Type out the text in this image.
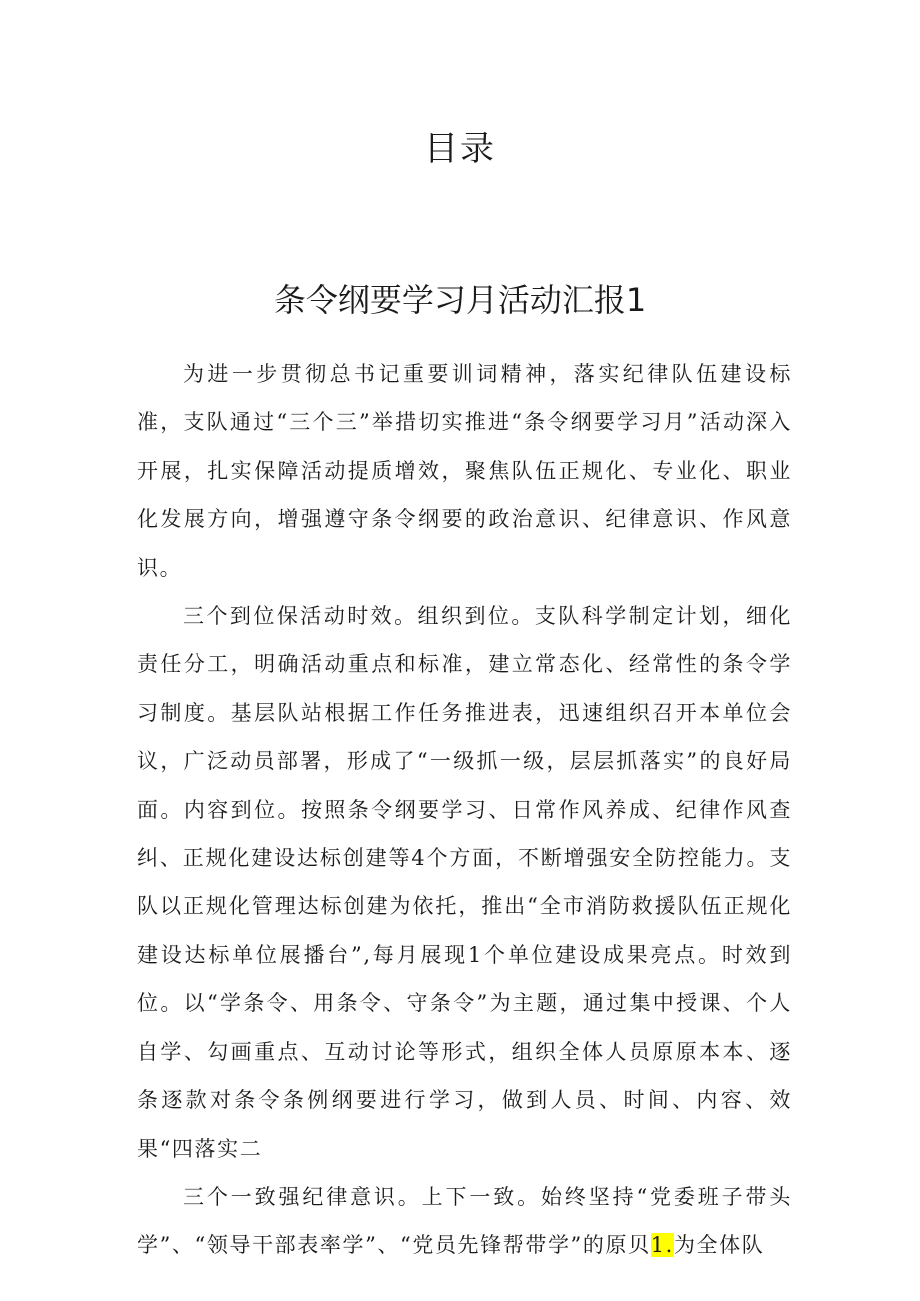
目录
条令纲要学习月活动汇报1

为进一步贯彻总书记重要训词精神，落实纪律队伍建设标准，支队通过“三个三”举措切实推进“条令纲要学习月”活动深入开展，扎实保障活动提质增效，聚焦队伍正规化、专业化、职业化发展方向，增强遵守条令纲要的政治意识、纪律意识、作风意识。

三个到位保活动时效。组织到位。支队科学制定计划，细化责任分工，明确活动重点和标准，建立常态化、经常性的条令学习制度。基层队站根据工作任务推进表，迅速组织召开本单位会议，广泛动员部署，形成了“一级抓一级，层层抓落实”的良好局面。内容到位。按照条令纲要学习、日常作风养成、纪律作风查纠、正规化建设达标创建等4个方面，不断增强安全防控能力。支队以正规化管理达标创建为依托，推出“全市消防救援队伍正规化建设达标单位展播台”,每月展现1个单位建设成果亮点。时效到位。以“学条令、用条令、守条令”为主题，通过集中授课、个人自学、勾画重点、互动讨论等形式，组织全体人员原原本本、逐条逐款对条令条例纲要进行学习，做到人员、时间、内容、效果“四落实二

三个一致强纪律意识。上下一致。始终坚持“党委班子带头学”、“领导干部表率学”、“党员先锋帮带学”的原贝1.为全体队
